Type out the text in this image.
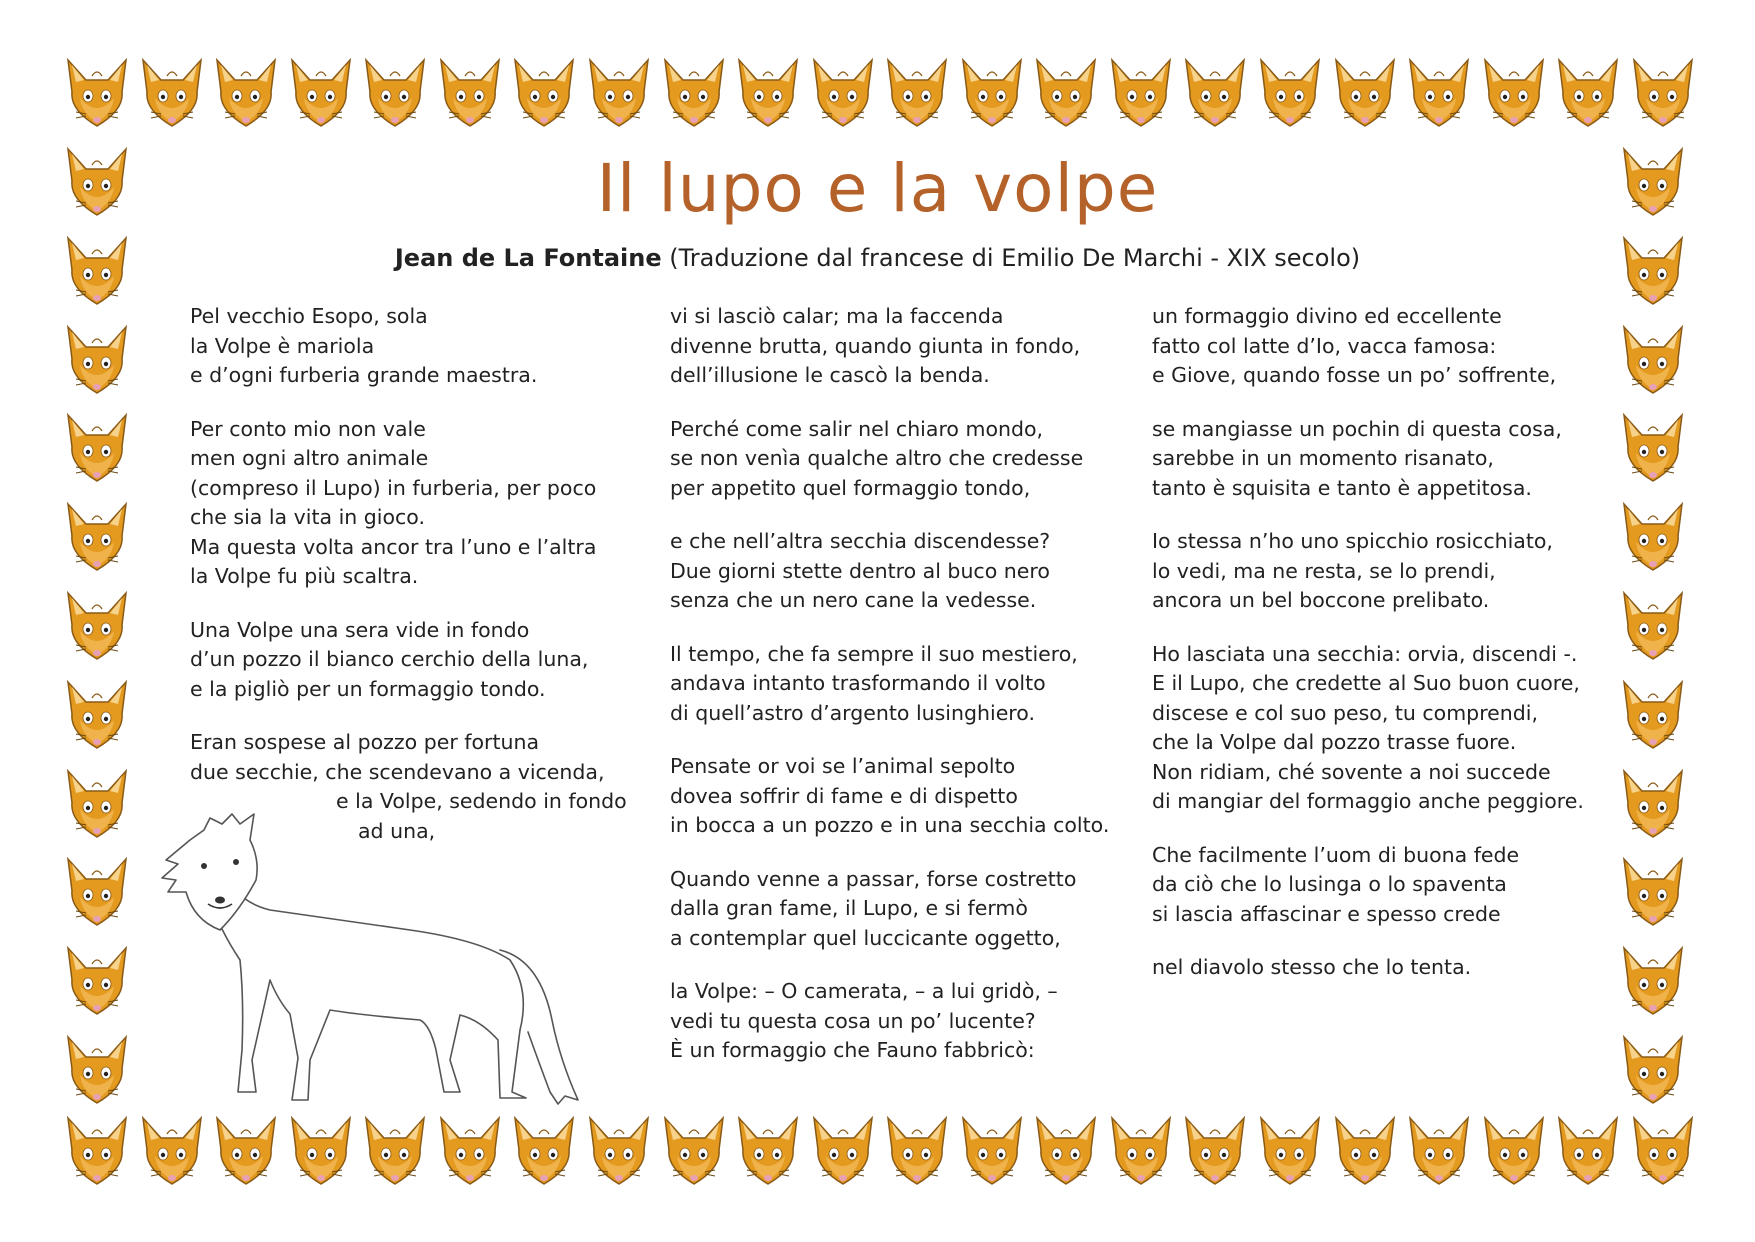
Il lupo e la volpe
Jean de La Fontaine (Traduzione dal francese di Emilio De Marchi - XIX secolo)
Pel vecchio Esopo, sola
la Volpe è mariola
e d’ogni furberia grande maestra.
Per conto mio non vale
men ogni altro animale
(compreso il Lupo) in furberia, per poco
che sia la vita in gioco.
Ma questa volta ancor tra l’uno e l’altra
la Volpe fu più scaltra.
Una Volpe una sera vide in fondo
d’un pozzo il bianco cerchio della luna,
e la pigliò per un formaggio tondo.
Eran sospese al pozzo per fortuna
due secchie, che scendevano a vicenda,
e la Volpe, sedendo in fondo
ad una,
vi si lasciò calar; ma la faccenda
divenne brutta, quando giunta in fondo,
dell’illusione le cascò la benda.
Perché come salir nel chiaro mondo,
se non venìa qualche altro che credesse
per appetito quel formaggio tondo,
e che nell’altra secchia discendesse?
Due giorni stette dentro al buco nero
senza che un nero cane la vedesse.
Il tempo, che fa sempre il suo mestiero,
andava intanto trasformando il volto
di quell’astro d’argento lusinghiero.
Pensate or voi se l’animal sepolto
dovea soffrir di fame e di dispetto
in bocca a un pozzo e in una secchia colto.
Quando venne a passar, forse costretto
dalla gran fame, il Lupo, e si fermò
a contemplar quel luccicante oggetto,
la Volpe: – O camerata, – a lui gridò, –
vedi tu questa cosa un po’ lucente?
È un formaggio che Fauno fabbricò:
un formaggio divino ed eccellente
fatto col latte d’Io, vacca famosa:
e Giove, quando fosse un po’ soffrente,
se mangiasse un pochin di questa cosa,
sarebbe in un momento risanato,
tanto è squisita e tanto è appetitosa.
Io stessa n’ho uno spicchio rosicchiato,
lo vedi, ma ne resta, se lo prendi,
ancora un bel boccone prelibato.
Ho lasciata una secchia: orvia, discendi -.
E il Lupo, che credette al Suo buon cuore,
discese e col suo peso, tu comprendi,
che la Volpe dal pozzo trasse fuore.
Non ridiam, ché sovente a noi succede
di mangiar del formaggio anche peggiore.
Che facilmente l’uom di buona fede
da ciò che lo lusinga o lo spaventa
si lascia affascinar e spesso crede
nel diavolo stesso che lo tenta.
